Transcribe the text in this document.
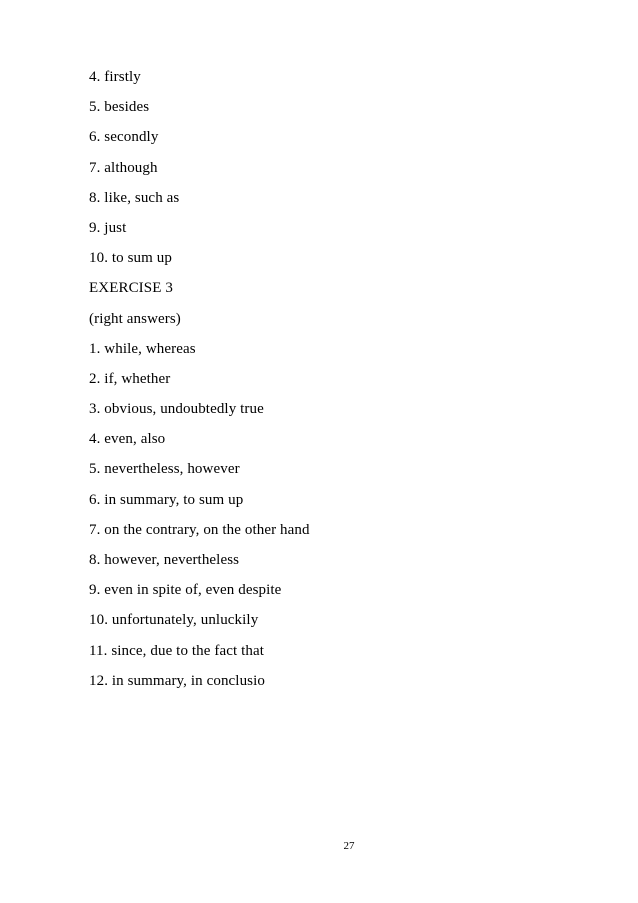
4. firstly
5. besides
6. secondly
7. although
8. like, such as
9. just
10. to sum up
EXERCISE 3
(right answers)
1. while, whereas
2. if, whether
3. obvious, undoubtedly true
4. even, also
5. nevertheless, however
6. in summary, to sum up
7. on the contrary, on the other hand
8. however, nevertheless
9. even in spite of, even despite
10. unfortunately, unluckily
11. since, due to the fact that
12. in summary, in conclusio
27
